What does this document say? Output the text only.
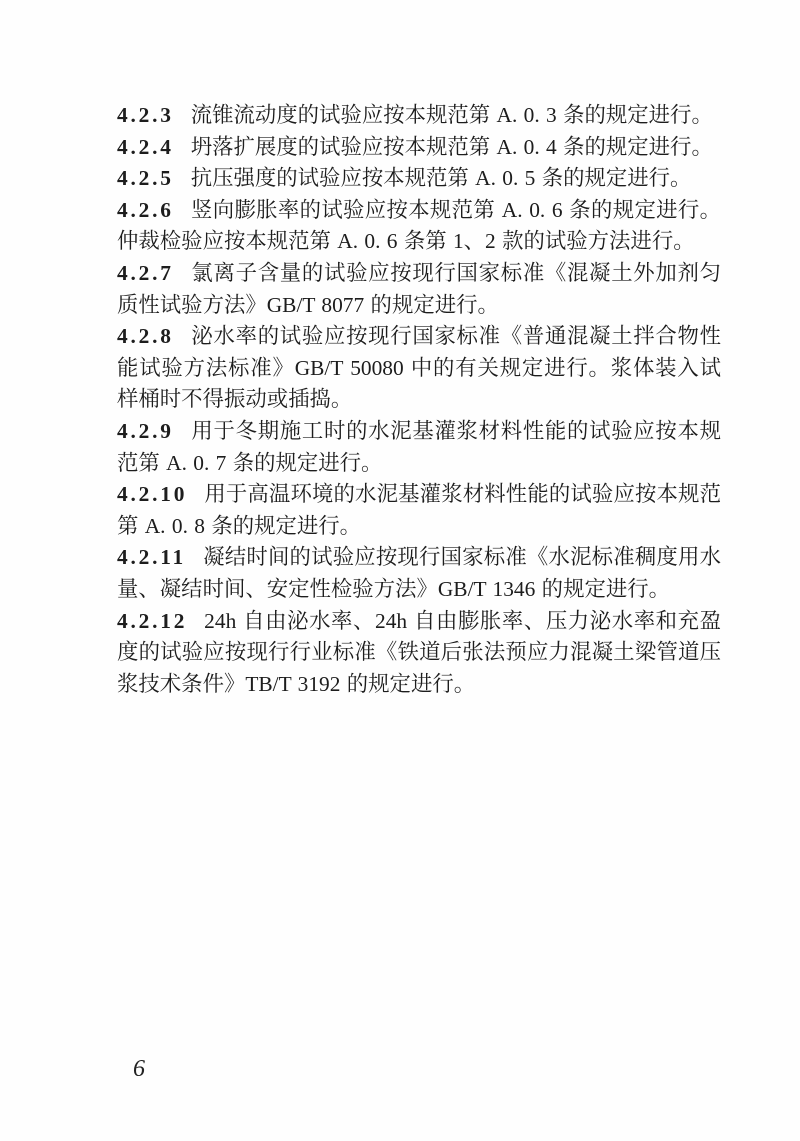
4.2.3 流锥流动度的试验应按本规范第 A. 0. 3 条的规定进行。

4.2.4 坍落扩展度的试验应按本规范第 A. 0. 4 条的规定进行。

4.2.5 抗压强度的试验应按本规范第 A. 0. 5 条的规定进行。

4.2.6 竖向膨胀率的试验应按本规范第 A. 0. 6 条的规定进行。仲裁检验应按本规范第 A. 0. 6 条第 1、2 款的试验方法进行。

4.2.7 氯离子含量的试验应按现行国家标准《混凝土外加剂匀质性试验方法》GB/T 8077 的规定进行。

4.2.8 泌水率的试验应按现行国家标准《普通混凝土拌合物性能试验方法标准》GB/T 50080 中的有关规定进行。浆体装入试样桶时不得振动或插捣。

4.2.9 用于冬期施工时的水泥基灌浆材料性能的试验应按本规范第 A. 0. 7 条的规定进行。

4.2.10 用于高温环境的水泥基灌浆材料性能的试验应按本规范第 A. 0. 8 条的规定进行。

4.2.11 凝结时间的试验应按现行国家标准《水泥标准稠度用水量、凝结时间、安定性检验方法》GB/T 1346 的规定进行。

4.2.12 24h 自由泌水率、24h 自由膨胀率、压力泌水率和充盈度的试验应按现行行业标准《铁道后张法预应力混凝土梁管道压浆技术条件》TB/T 3192 的规定进行。

6
